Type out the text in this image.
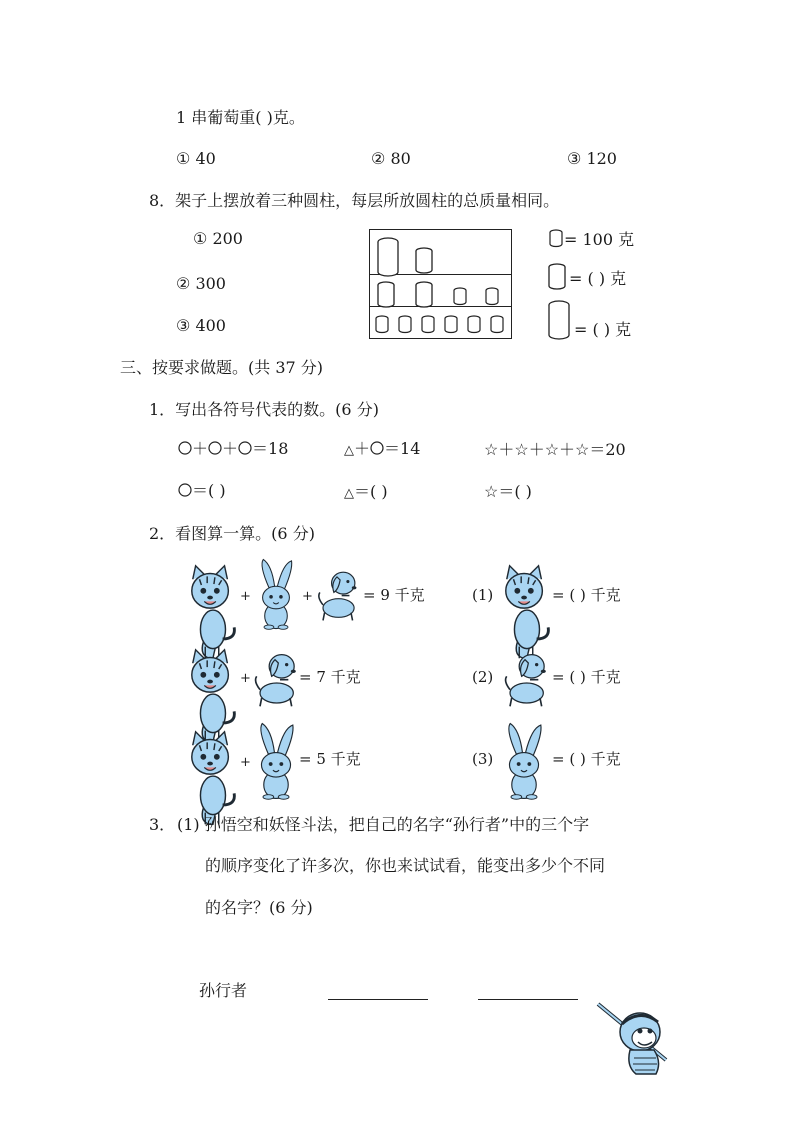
1 串葡萄重( )克。
① 40	② 80	③ 120
8．架子上摆放着三种圆柱，每层所放圆柱的总质量相同。
① 200
② 300
③ 400
= 100 克
= ( ) 克
= ( ) 克
三、按要求做题。(共 37 分)
1．写出各符号代表的数。(6 分)
＋ ＋ ＝18	△＋ ＝14	☆＋☆＋☆＋☆＝20
＝( )	△＝( )	☆＝( )
2．看图算一算。(6 分)
+	+	= 9 千克	(1)	= ( ) 千克
+	= 7 千克	(2)	= ( ) 千克
+	= 5 千克	(3)	= ( ) 千克
3． (1) 孙悟空和妖怪斗法，把自己的名字“孙行者”中的三个字
的顺序变化了许多次，你也来试试看，能变出多少个不同
的名字？(6 分)
孙行者
